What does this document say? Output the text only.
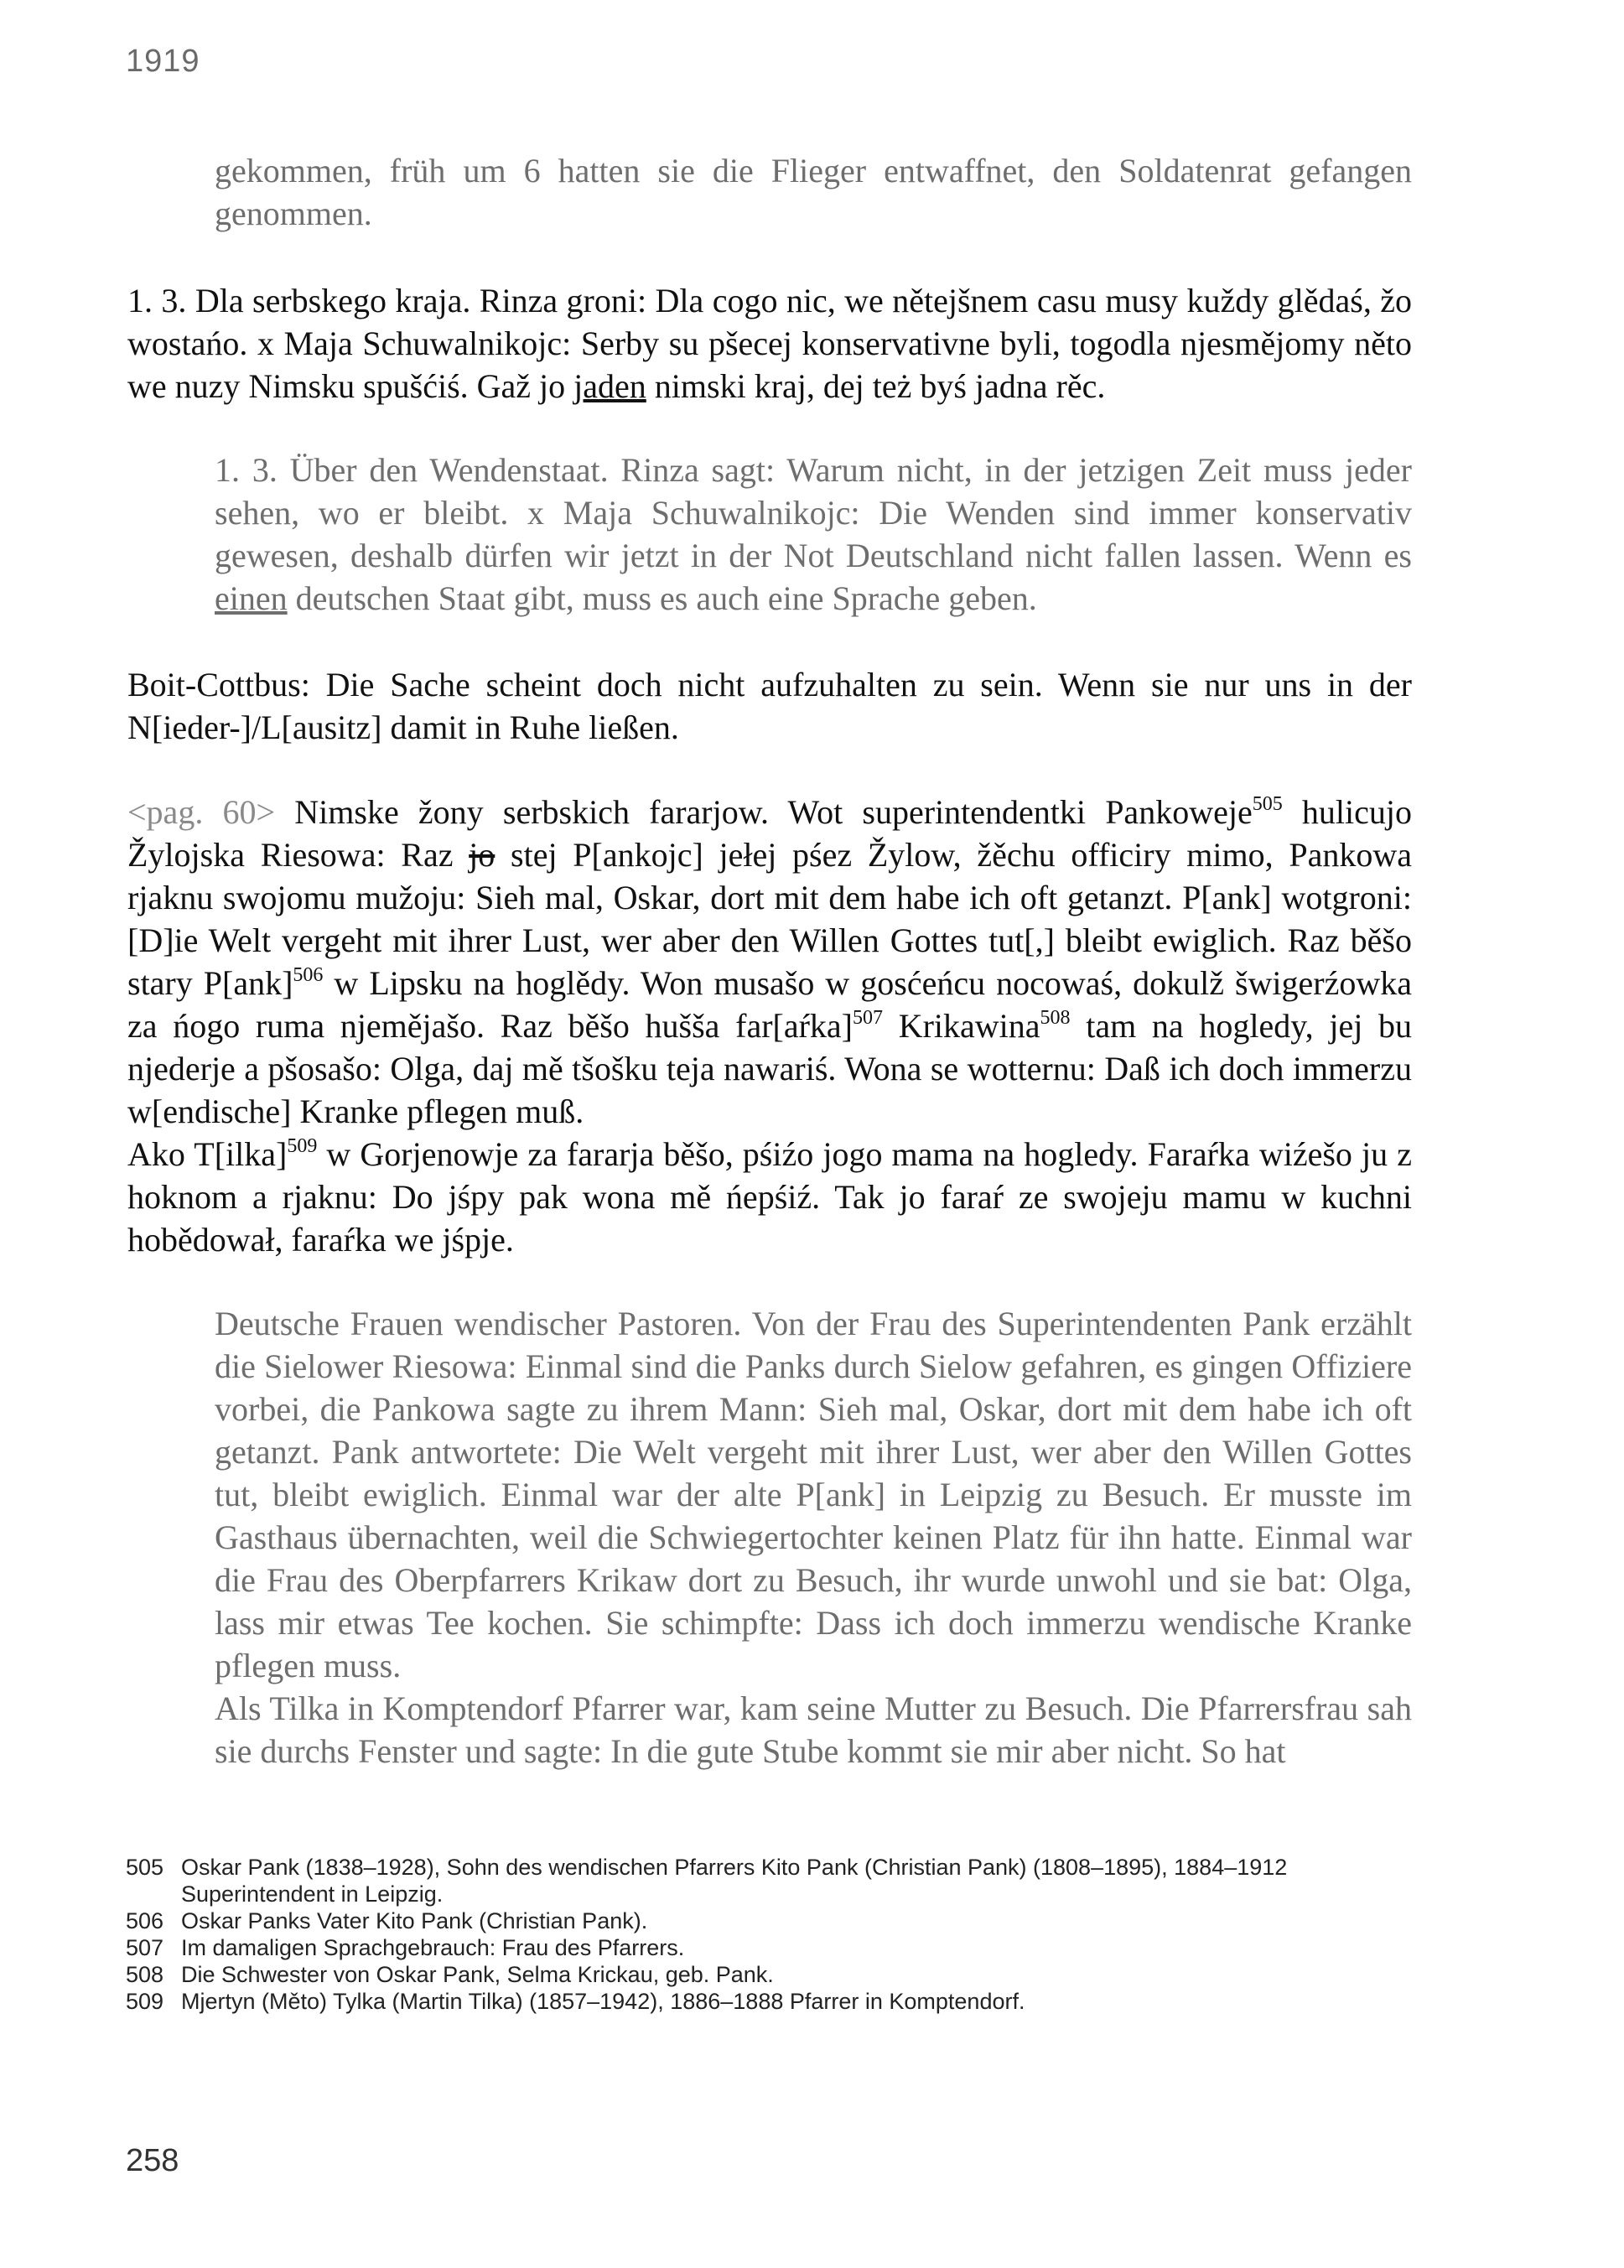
1919

gekommen, früh um 6 hatten sie die Flieger entwaffnet, den Soldatenrat gefangen genommen.

1. 3. Dla serbskego kraja. Rinza groni: Dla cogo nic, we nětejšnem casu musy kuždy glědaś, žo wostańo. x Maja Schuwalnikojc: Serby su pšecej konservativne byli, togodla njesmějomy něto we nuzy Nimsku spušćiś. Gaž jo jaden nimski kraj, dej też byś jadna rěc.

1. 3. Über den Wendenstaat. Rinza sagt: Warum nicht, in der jetzigen Zeit muss jeder sehen, wo er bleibt. x Maja Schuwalnikojc: Die Wenden sind immer konservativ gewesen, deshalb dürfen wir jetzt in der Not Deutschland nicht fallen lassen. Wenn es einen deutschen Staat gibt, muss es auch eine Sprache geben.

Boit-Cottbus: Die Sache scheint doch nicht aufzuhalten zu sein. Wenn sie nur uns in der N[ieder-]/L[ausitz] damit in Ruhe ließen.

<pag. 60> Nimske žony serbskich fararjow. Wot superintendentki Pankoweje$^{505}$ hulicujo Žylojska Riesowa: Raz jo stej P[ankojc] jełej pśez Žylow, žěchu officiry mimo, Pankowa rjaknu swojomu mužoju: Sieh mal, Oskar, dort mit dem habe ich oft getanzt. P[ank] wotgroni: [D]ie Welt vergeht mit ihrer Lust, wer aber den Willen Gottes tut[,] bleibt ewiglich. Raz běšo stary P[ank]$^{506}$ w Lipsku na hoglědy. Won musašo w gosćeńcu nocowaś, dokulž šwigerźowka za ńogo ruma njemějašo. Raz běšo hušša far[aŕka]$^{507}$ Krikawina$^{508}$ tam na hogledy, jej bu njederje a pšosašo: Olga, daj mě tšošku teja nawariś. Wona se wotternu: Daß ich doch immerzu w[endische] Kranke pflegen muß.

Ako T[ilka]$^{509}$ w Gorjenowje za fararja běšo, pśiźo jogo mama na hogledy. Faraŕka wiźešo ju z hoknom a rjaknu: Do jśpy pak wona mě ńepśiź. Tak jo faraŕ ze swojeju mamu w kuchni hobědował, faraŕka we jśpje.

Deutsche Frauen wendischer Pastoren. Von der Frau des Superintendenten Pank erzählt die Sielower Riesowa: Einmal sind die Panks durch Sielow gefahren, es gingen Offiziere vorbei, die Pankowa sagte zu ihrem Mann: Sieh mal, Oskar, dort mit dem habe ich oft getanzt. Pank antwortete: Die Welt vergeht mit ihrer Lust, wer aber den Willen Gottes tut, bleibt ewiglich. Einmal war der alte P[ank] in Leipzig zu Besuch. Er musste im Gasthaus übernachten, weil die Schwiegertochter keinen Platz für ihn hatte. Einmal war die Frau des Oberpfarrers Krikaw dort zu Besuch, ihr wurde unwohl und sie bat: Olga, lass mir etwas Tee kochen. Sie schimpfte: Dass ich doch immerzu wendische Kranke pflegen muss.

Als Tilka in Komptendorf Pfarrer war, kam seine Mutter zu Besuch. Die Pfarrersfrau sah sie durchs Fenster und sagte: In die gute Stube kommt sie mir aber nicht. So hat

505 Oskar Pank (1838–1928), Sohn des wendischen Pfarrers Kito Pank (Christian Pank) (1808–1895), 1884–1912 Superintendent in Leipzig.
506 Oskar Panks Vater Kito Pank (Christian Pank).
507 Im damaligen Sprachgebrauch: Frau des Pfarrers.
508 Die Schwester von Oskar Pank, Selma Krickau, geb. Pank.
509 Mjertyn (Měto) Tylka (Martin Tilka) (1857–1942), 1886–1888 Pfarrer in Komptendorf.
258
